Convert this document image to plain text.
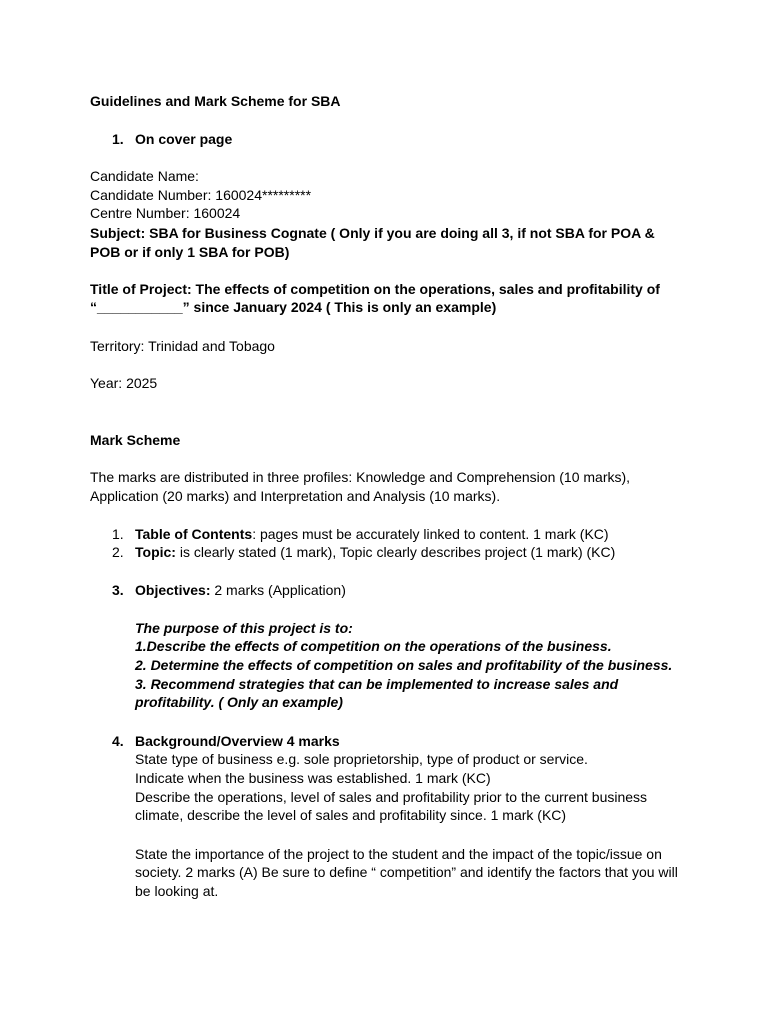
Guidelines and Mark Scheme for SBA
1. On cover page
Candidate Name:
Candidate Number: 160024*********
Centre Number: 160024
Subject: SBA for Business Cognate ( Only if you are doing all 3, if not SBA for POA &
POB or if only 1 SBA for POB)
Title of Project: The effects of competition on the operations, sales and profitability of
“___________” since January 2024 ( This is only an example)
Territory: Trinidad and Tobago
Year: 2025
Mark Scheme
The marks are distributed in three profiles: Knowledge and Comprehension (10 marks),
Application (20 marks) and Interpretation and Analysis (10 marks).
1. Table of Contents: pages must be accurately linked to content. 1 mark (KC)
2. Topic: is clearly stated (1 mark), Topic clearly describes project (1 mark) (KC)
3. Objectives: 2 marks (Application)
The purpose of this project is to:
1.Describe the effects of competition on the operations of the business.
2. Determine the effects of competition on sales and profitability of the business.
3. Recommend strategies that can be implemented to increase sales and
profitability. ( Only an example)
4. Background/Overview 4 marks
State type of business e.g. sole proprietorship, type of product or service.
Indicate when the business was established. 1 mark (KC)
Describe the operations, level of sales and profitability prior to the current business
climate, describe the level of sales and profitability since. 1 mark (KC)
State the importance of the project to the student and the impact of the topic/issue on
society. 2 marks (A) Be sure to define “ competition” and identify the factors that you will
be looking at.
